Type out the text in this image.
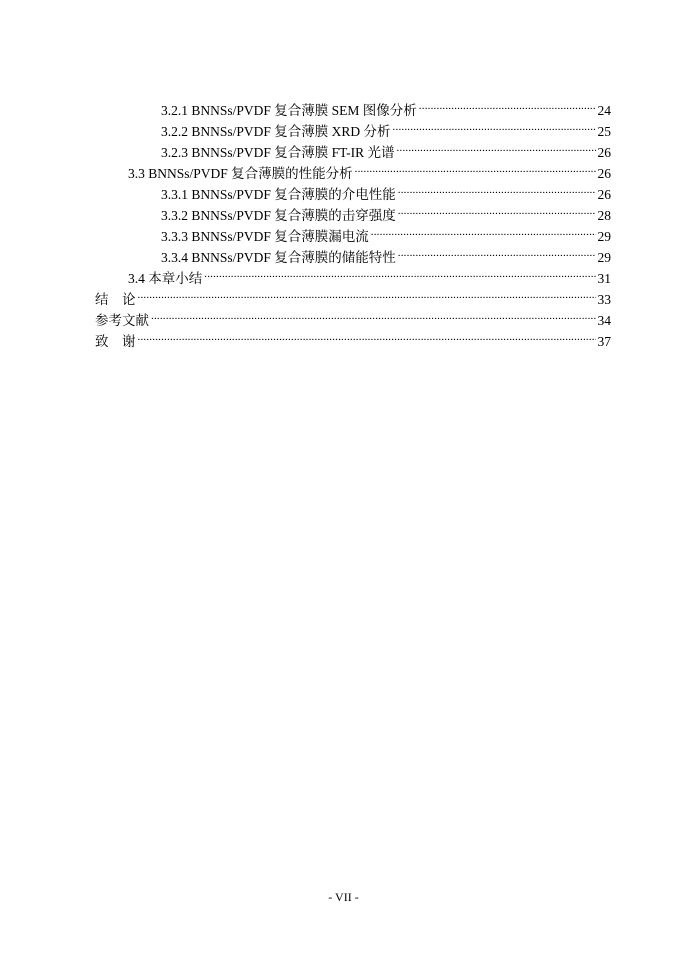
3.2.1 BNNSs/PVDF 复合薄膜 SEM 图像分析 .....	24
3.2.2 BNNSs/PVDF 复合薄膜 XRD 分析 .....	25
3.2.3 BNNSs/PVDF 复合薄膜 FT-IR 光谱 .....	26
3.3 BNNSs/PVDF 复合薄膜的性能分析 .....	26
3.3.1 BNNSs/PVDF 复合薄膜的介电性能 .....	26
3.3.2 BNNSs/PVDF 复合薄膜的击穿强度 .....	28
3.3.3 BNNSs/PVDF 复合薄膜漏电流 .....	29
3.3.4 BNNSs/PVDF 复合薄膜的储能特性 .....	29
3.4 本章小结 .....	31
结　论 .....	33
参考文献 .....	34
致　谢 .....	37
- VII -
